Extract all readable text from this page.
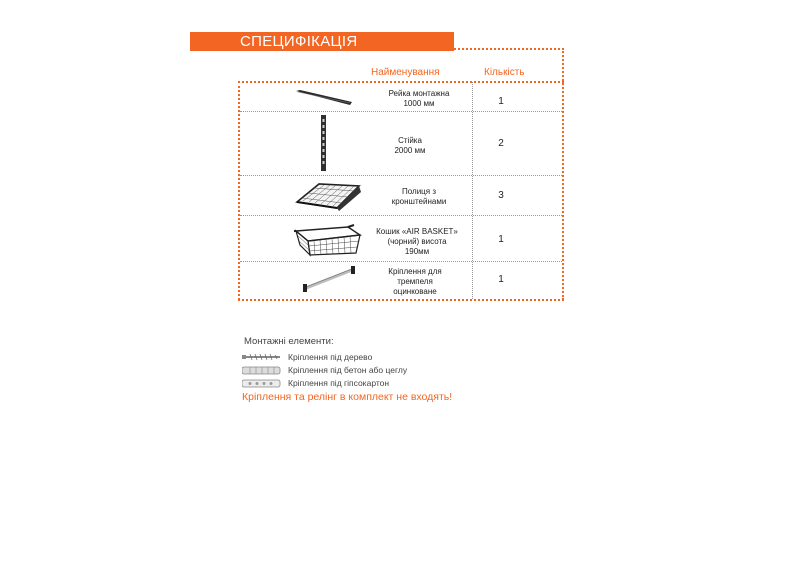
СПЕЦИФІКАЦІЯ
Найменування	Кількість
Рейка монтажна
1000 мм	1
Стійка
2000 мм
2
Полиця з
кронштейнами
3
Кошик «AIR BASKET»
(чорний) висота
190мм
1
Кріплення для
тремпеля
оцинковане
1
Монтажні елементи:
Кріплення під дерево
Кріплення під бетон або цеглу
Кріплення під гіпсокартон
Кріплення та релінг в комплект не входять!
